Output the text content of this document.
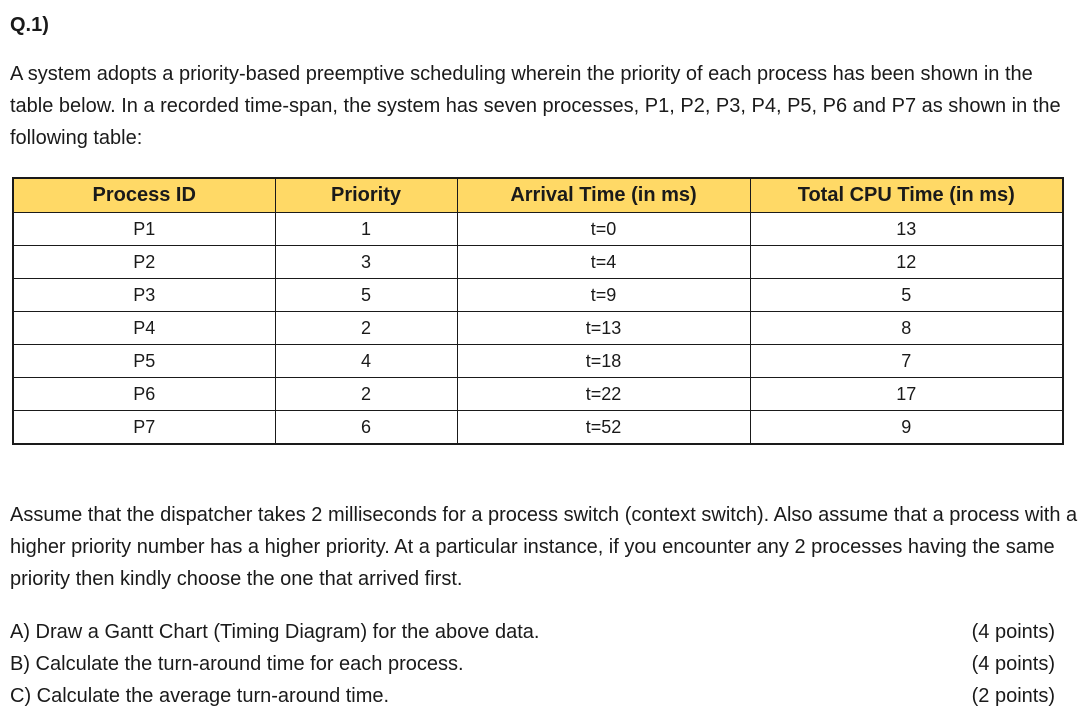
Q.1)

A system adopts a priority-based preemptive scheduling wherein the priority of each process has been shown in the table below. In a recorded time-span, the system has seven processes, P1, P2, P3, P4, P5, P6 and P7 as shown in the following table:

Process ID	Priority	Arrival Time (in ms)	Total CPU Time (in ms)
P1	1	t=0	13
P2	3	t=4	12
P3	5	t=9	5
P4	2	t=13	8
P5	4	t=18	7
P6	2	t=22	17
P7	6	t=52	9

Assume that the dispatcher takes 2 milliseconds for a process switch (context switch). Also assume that a process with a higher priority number has a higher priority. At a particular instance, if you encounter any 2 processes having the same priority then kindly choose the one that arrived first.

A) Draw a Gantt Chart (Timing Diagram) for the above data.	(4 points)
B) Calculate the turn-around time for each process.	(4 points)
C) Calculate the average turn-around time.	(2 points)
